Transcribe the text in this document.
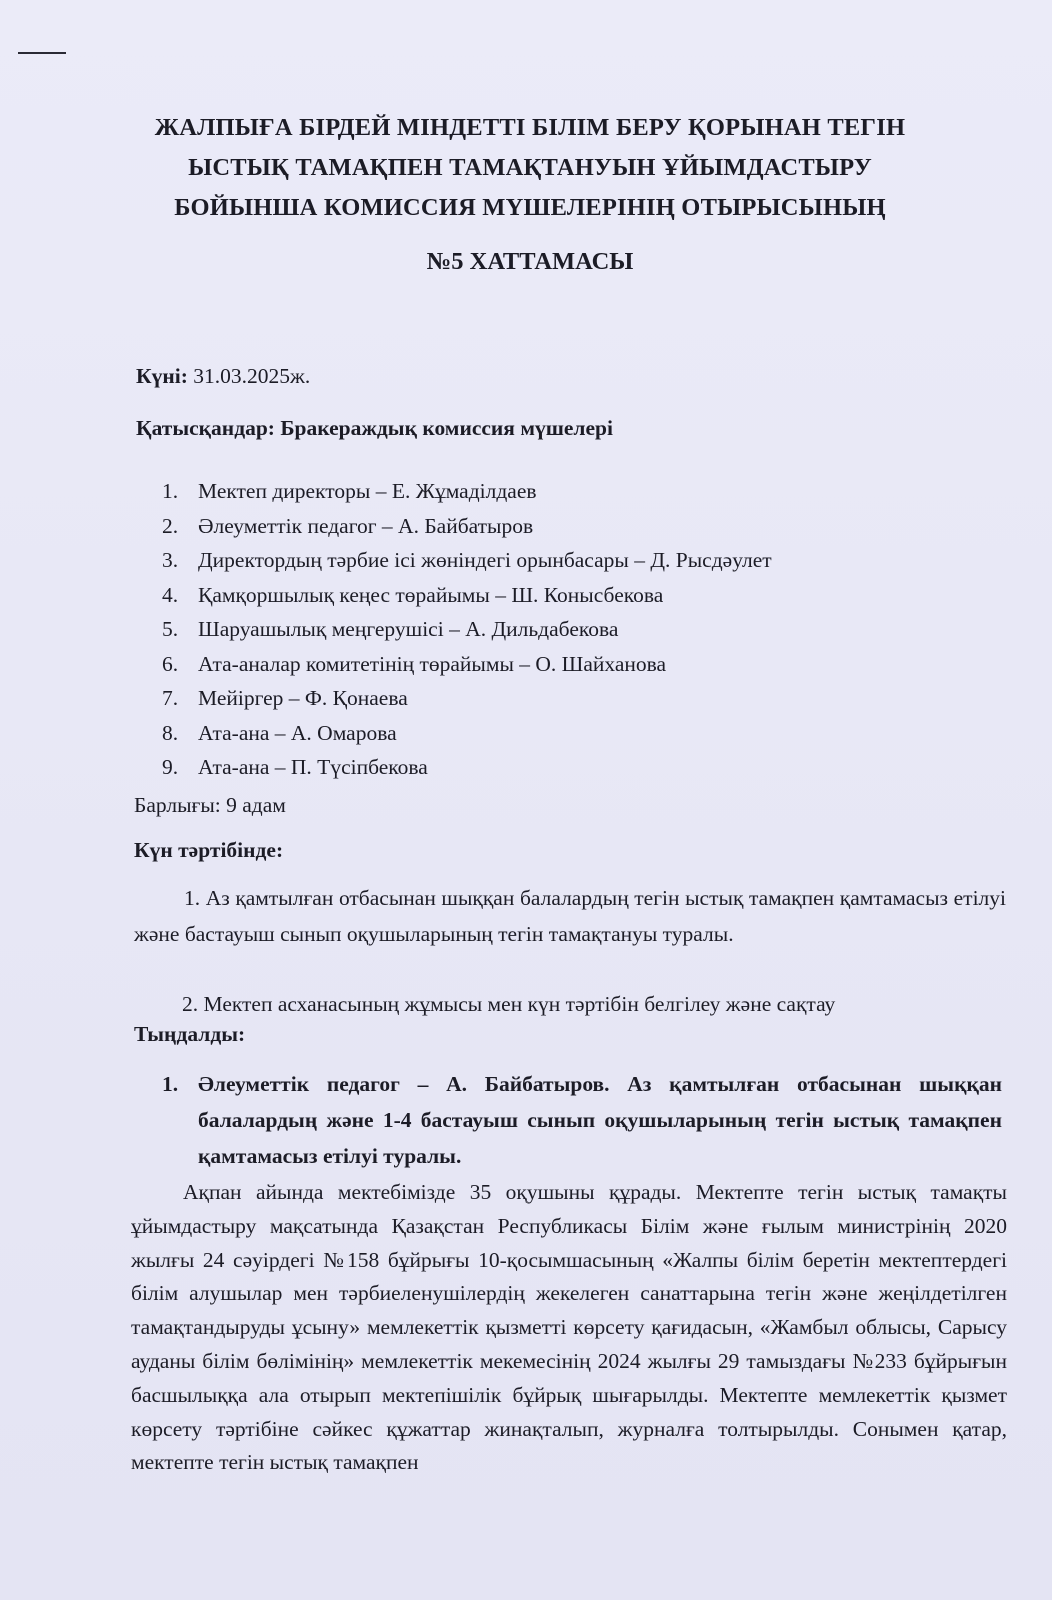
ЖАЛПЫҒА БІРДЕЙ МІНДЕТТІ БІЛІМ БЕРУ ҚОРЫНАН ТЕГІН
ЫСТЫҚ ТАМАҚПЕН ТАМАҚТАНУЫН ҰЙЫМДАСТЫРУ
БОЙЫНША КОМИССИЯ МҮШЕЛЕРІНІҢ ОТЫРЫСЫНЫҢ
№5 ХАТТАМАСЫ
Күні: 31.03.2025ж.
Қатысқандар: Бракераждық комиссия мүшелері
1. Мектеп директоры – Е. Жұмаділдаев
2. Әлеуметтік педагог – А. Байбатыров
3. Директордың тәрбие ісі жөніндегі орынбасары – Д. Рысдәулет
4. Қамқоршылық кеңес төрайымы – Ш. Конысбекова
5. Шаруашылық меңгерушісі – А. Дильдабекова
6. Ата-аналар комитетінің төрайымы – О. Шайханова
7. Мейіргер – Ф. Қонаева
8. Ата-ана – А. Омарова
9. Ата-ана – П. Түсіпбекова
Барлығы: 9 адам
Күн тәртібінде:
1. Аз қамтылған отбасынан шыққан балалардың тегін ыстық тамақпен қамтамасыз етілуі және бастауыш сынып оқушыларының тегін тамақтануы туралы.
2. Мектеп асханасының жұмысы мен күн тәртібін белгілеу және сақтау
Тыңдалды:
1. Әлеуметтік педагог – А. Байбатыров. Аз қамтылған отбасынан шыққан балалардың және 1-4 бастауыш сынып оқушыларының тегін ыстық тамақпен қамтамасыз етілуі туралы.
Ақпан айында мектебімізде 35 оқушыны құрады. Мектепте тегін ыстық тамақты ұйымдастыру мақсатында Қазақстан Республикасы Білім және ғылым министрінің 2020 жылғы 24 сәуірдегі №158 бұйрығы 10-қосымшасының «Жалпы білім беретін мектептердегі білім алушылар мен тәрбиеленушілердің жекелеген санаттарына тегін және жеңілдетілген тамақтандыруды ұсыну» мемлекеттік қызметті көрсету қағидасын, «Жамбыл облысы, Сарысу ауданы білім бөлімінің» мемлекеттік мекемесінің 2024 жылғы 29 тамыздағы №233 бұйрығын басшылыққа ала отырып мектепішілік бұйрық шығарылды. Мектепте мемлекеттік қызмет көрсету тәртібіне сәйкес құжаттар жинақталып, журналға толтырылды. Сонымен қатар, мектепте тегін ыстық тамақпен
